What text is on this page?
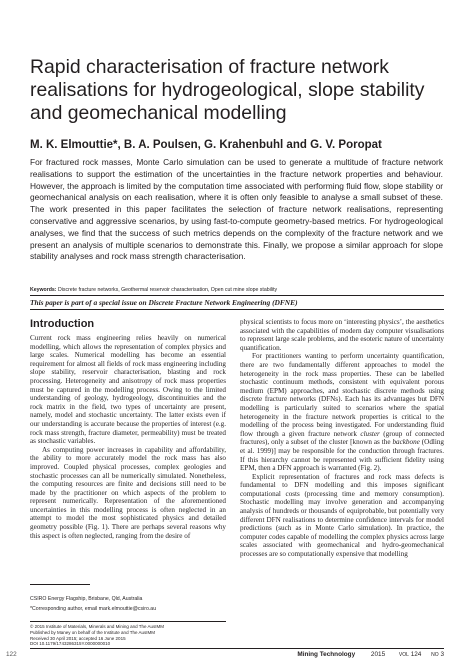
Rapid characterisation of fracture network realisations for hydrogeological, slope stability and geomechanical modelling

M. K. Elmouttie*, B. A. Poulsen, G. Krahenbuhl and G. V. Poropat

For fractured rock masses, Monte Carlo simulation can be used to generate a multitude of fracture network realisations to support the estimation of the uncertainties in the fracture network properties and behaviour. However, the approach is limited by the computation time associated with performing fluid flow, slope stability or geomechanical analysis on each realisation, where it is often only feasible to analyse a small subset of these. The work presented in this paper facilitates the selection of fracture network realisations, representing conservative and aggressive scenarios, by using fast-to-compute geometry-based metrics. For hydrogeological analyses, we find that the success of such metrics depends on the complexity of the fracture network and we present an analysis of multiple scenarios to demonstrate this. Finally, we propose a similar approach for slope stability analyses and rock mass strength characterisation.

Keywords: Discrete fracture networks, Geothermal reservoir characterisation, Open cut mine slope stability

This paper is part of a special issue on Discrete Fracture Network Engineering (DFNE)

Introduction

Current rock mass engineering relies heavily on numerical modelling, which allows the representation of complex physics and large scales. Numerical modelling has become an essential requirement for almost all fields of rock mass engineering including slope stability, reservoir characterisation, blasting and rock processing. Heterogeneity and anisotropy of rock mass properties must be captured in the modelling process. Owing to the limited understanding of geology, hydrogeology, discontinuities and the rock matrix in the field, two types of uncertainty are present, namely, model and stochastic uncertainty. The latter exists even if our understanding is accurate because the properties of interest (e.g. rock mass strength, fracture diameter, permeability) must be treated as stochastic variables.

As computing power increases in capability and affordability, the ability to more accurately model the rock mass has also improved. Coupled physical processes, complex geologies and stochastic processes can all be numerically simulated. Nonetheless, the computing resources are finite and decisions still need to be made by the practitioner on which aspects of the problem to represent numerically. Representation of the aforementioned uncertainties in this modelling process is often neglected in an attempt to model the most sophisticated physics and detailed geometry possible (Fig. 1). There are perhaps several reasons why this aspect is often neglected, ranging from the desire of

physical scientists to focus more on ‘interesting physics’, the aesthetics associated with the capabilities of modern day computer visualisations to represent large scale problems, and the esoteric nature of uncertainty quantification.

For practitioners wanting to perform uncertainty quantification, there are two fundamentally different approaches to model the heterogeneity in the rock mass properties. These can be labelled stochastic continuum methods, consistent with equivalent porous medium (EPM) approaches, and stochastic discrete methods using discrete fracture networks (DFNs). Each has its advantages but DFN modelling is particularly suited to scenarios where the spatial heterogeneity in the fracture network properties is critical to the modelling of the process being investigated. For understanding fluid flow through a given fracture network cluster (group of connected fractures), only a subset of the cluster [known as the backbone (Odling et al. 1999)] may be responsible for the conduction through fractures. If this hierarchy cannot be represented with sufficient fidelity using EPM, then a DFN approach is warranted (Fig. 2).

Explicit representation of fractures and rock mass defects is fundamental to DFN modelling and this imposes significant computational costs (processing time and memory consumption). Stochastic modelling may involve generation and accompanying analysis of hundreds or thousands of equiprobable, but potentially very different DFN realisations to determine confidence intervals for model predictions (such as in Monte Carlo simulation). In practice, the computer codes capable of modelling the complex physics across large scales associated with geomechanical and hydro-geomechanical processes are so computationally expensive that modelling

CSIRO Energy Flagship, Brisbane, Qld, Australia

*Corresponding author, email mark.elmouttie@csiro.au

© 2015 Institute of Materials, Minerals and Mining and The AusIMM
Published by Maney on behalf of the Institute and The AusIMM
Received 30 April 2015; accepted 16 June 2015
DOI 10.1179/1743286315Y.0000000010
122	Mining Technology 2015	VOL 124 NO 3
